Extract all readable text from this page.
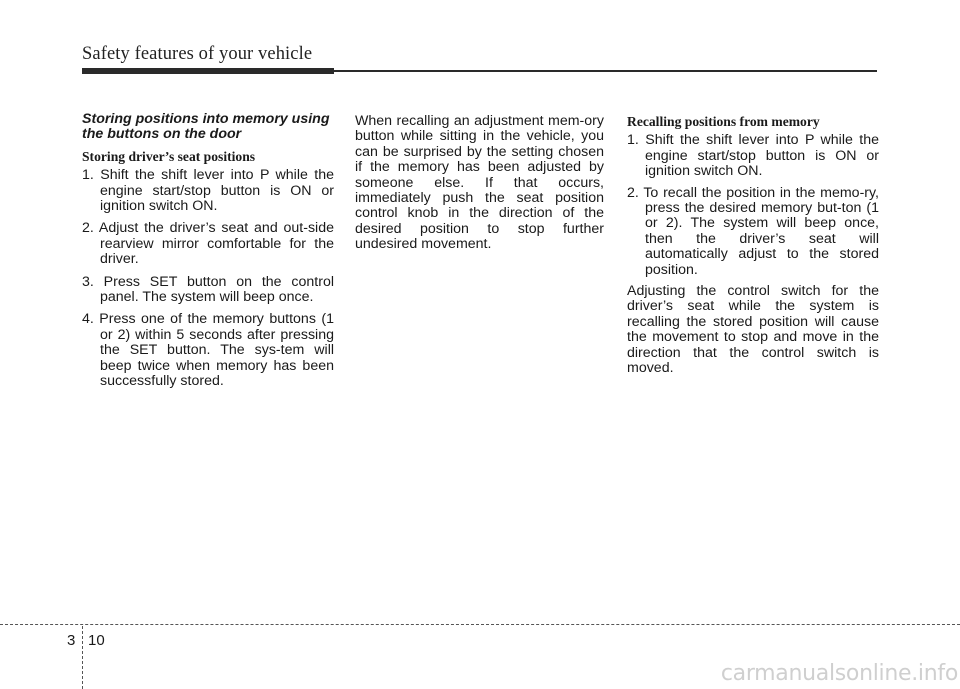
Safety features of your vehicle

Storing positions into memory using the buttons on the door

Storing driver’s seat positions

1. Shift the shift lever into P while the engine start/stop button is ON or ignition switch ON.
2. Adjust the driver’s seat and out-side rearview mirror comfortable for the driver.
3. Press SET button on the control panel. The system will beep once.
4. Press one of the memory buttons (1 or 2) within 5 seconds after pressing the SET button. The sys-tem will beep twice when memory has been successfully stored.

When recalling an adjustment mem-ory button while sitting in the vehicle, you can be surprised by the setting chosen if the memory has been adjusted by someone else. If that occurs, immediately push the seat position control knob in the direction of the desired position to stop further undesired movement.

Recalling positions from memory

1. Shift the shift lever into P while the engine start/stop button is ON or ignition switch ON.
2. To recall the position in the memo-ry, press the desired memory but-ton (1 or 2). The system will beep once, then the driver’s seat will automatically adjust to the stored position.

Adjusting the control switch for the driver’s seat while the system is recalling the stored position will cause the movement to stop and move in the direction that the control switch is moved.

3 10
carmanualsonline.info
